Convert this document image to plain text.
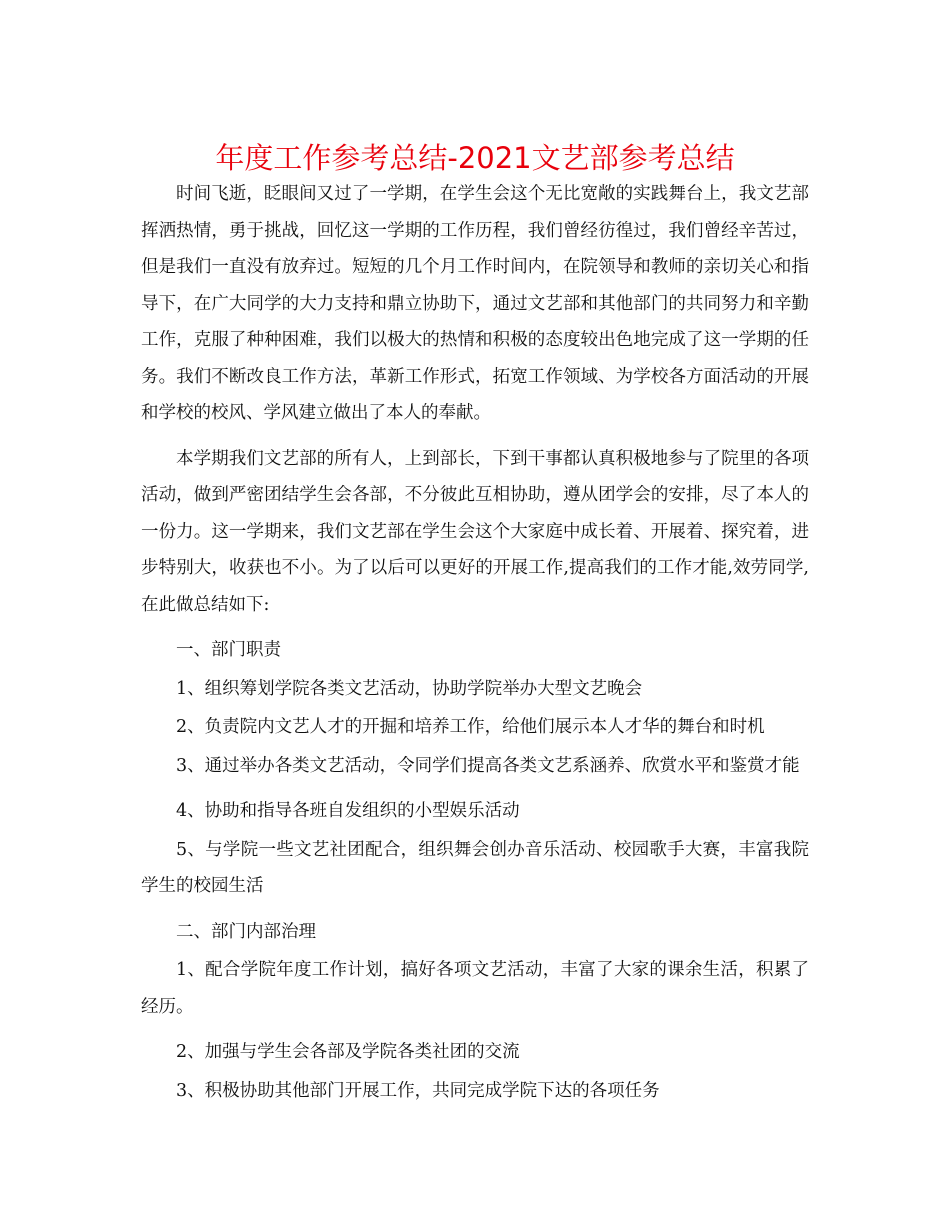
年度工作参考总结-2021文艺部参考总结

时间飞逝，眨眼间又过了一学期，在学生会这个无比宽敞的实践舞台上，我文艺部挥洒热情，勇于挑战，回忆这一学期的工作历程，我们曾经彷徨过，我们曾经辛苦过，但是我们一直没有放弃过。短短的几个月工作时间内，在院领导和教师的亲切关心和指导下，在广大同学的大力支持和鼎立协助下，通过文艺部和其他部门的共同努力和辛勤工作，克服了种种困难，我们以极大的热情和积极的态度较出色地完成了这一学期的任务。我们不断改良工作方法，革新工作形式，拓宽工作领域、为学校各方面活动的开展和学校的校风、学风建立做出了本人的奉献。

本学期我们文艺部的所有人，上到部长，下到干事都认真积极地参与了院里的各项活动，做到严密团结学生会各部，不分彼此互相协助，遵从团学会的安排，尽了本人的一份力。这一学期来，我们文艺部在学生会这个大家庭中成长着、开展着、探究着，进步特别大，收获也不小。为了以后可以更好的开展工作,提高我们的工作才能,效劳同学,在此做总结如下:

一、部门职责

1、组织筹划学院各类文艺活动，协助学院举办大型文艺晚会

2、负责院内文艺人才的开掘和培养工作，给他们展示本人才华的舞台和时机

3、通过举办各类文艺活动，令同学们提高各类文艺系涵养、欣赏水平和鉴赏才能

4、协助和指导各班自发组织的小型娱乐活动

5、与学院一些文艺社团配合，组织舞会创办音乐活动、校园歌手大赛，丰富我院学生的校园生活

二、部门内部治理

1、配合学院年度工作计划，搞好各项文艺活动，丰富了大家的课余生活，积累了经历。

2、加强与学生会各部及学院各类社团的交流

3、积极协助其他部门开展工作，共同完成学院下达的各项任务
